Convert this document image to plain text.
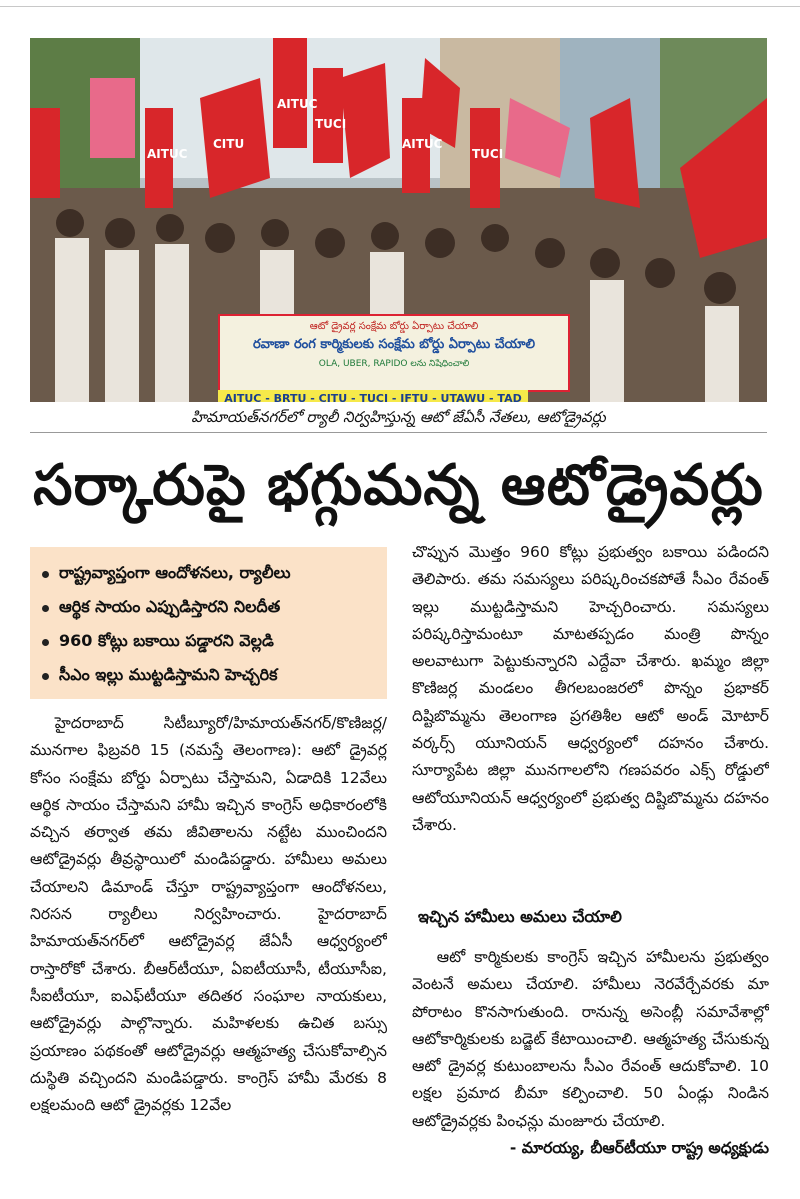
AITUC
TUCI
AITUC
CITU
TUCI
AITUC
ఆటో డ్రైవర్ల సంక్షేమ బోర్డు ఏర్పాటు చేయాలి
రవాణా రంగ కార్మికులకు సంక్షేమ బోర్డు ఏర్పాటు చేయాలి
OLA, UBER, RAPIDO లను నిషేధించాలి
AITUC - BRTU - CITU - TUCI - IFTU - UTAWU - TAD
హిమాయత్‌నగర్‌లో ర్యాలీ నిర్వహిస్తున్న ఆటో జేఏసీ నేతలు, ఆటోడ్రైవర్లు
సర్కారుపై భగ్గుమన్న ఆటోడ్రైవర్లు
రాష్ట్రవ్యాప్తంగా ఆందోళనలు, ర్యాలీలు
ఆర్థిక సాయం ఎప్పుడిస్తారని నిలదీత
960 కోట్లు బకాయి పడ్డారని వెల్లడి
సీఎం ఇల్లు ముట్టడిస్తామని హెచ్చరిక

హైదరాబాద్ సిటీబ్యూరో/హిమాయత్‌నగర్/కొణిజర్ల/మునగాల ఫిబ్రవరి 15 (నమస్తే తెలంగాణ): ఆటో డ్రైవర్ల కోసం సంక్షేమ బోర్డు ఏర్పాటు చేస్తామని, ఏడాదికి 12వేలు ఆర్థిక సాయం చేస్తామని హామీ ఇచ్చిన కాంగ్రెస్ అధికారంలోకి వచ్చిన తర్వాత తమ జీవితాలను నట్టేట ముంచిందని ఆటోడ్రైవర్లు తీవ్రస్థాయిలో మండిపడ్డారు. హామీలు అమలు చేయాలని డిమాండ్ చేస్తూ రాష్ట్రవ్యాప్తంగా ఆందోళనలు, నిరసన ర్యాలీలు నిర్వహించారు. హైదరాబాద్ హిమాయత్‌నగర్‌లో ఆటోడ్రైవర్ల జేఏసీ ఆధ్వర్యంలో రాస్తారోకో చేశారు. బీఆర్‌టీయూ, ఏఐటీయూసీ, టీయూసీఐ, సీఐటీయూ, ఐఎఫ్‌టీయూ తదితర సంఘాల నాయకులు, ఆటోడ్రైవర్లు పాల్గొన్నారు. మహిళలకు ఉచిత బస్సు ప్రయాణం పథకంతో ఆటోడ్రైవర్లు ఆత్మహత్య చేసుకోవాల్సిన దుస్థితి వచ్చిందని మండిపడ్డారు. కాంగ్రెస్ హామీ మేరకు 8 లక్షలమంది ఆటో డ్రైవర్లకు 12వేల

చొప్పున మొత్తం 960 కోట్లు ప్రభుత్వం బకాయి పడిందని తెలిపారు. తమ సమస్యలు పరిష్కరించకపోతే సీఎం రేవంత్ ఇల్లు ముట్టడిస్తామని హెచ్చరించారు. సమస్యలు పరిష్కరిస్తామంటూ మాటతప్పడం మంత్రి పొన్నం అలవాటుగా పెట్టుకున్నారని ఎద్దేవా చేశారు. ఖమ్మం జిల్లా కొణిజర్ల మండలం తీగలబంజరలో పొన్నం ప్రభాకర్ దిష్టిబొమ్మను తెలంగాణ ప్రగతిశీల ఆటో అండ్ మోటార్ వర్కర్స్ యూనియన్ ఆధ్వర్యంలో దహనం చేశారు. సూర్యాపేట జిల్లా మునగాలలోని గణపవరం ఎక్స్ రోడ్డులో ఆటోయూనియన్ ఆధ్వర్యంలో ప్రభుత్వ దిష్టిబొమ్మను దహనం చేశారు.

ఇచ్చిన హామీలు అమలు చేయాలి

ఆటో కార్మికులకు కాంగ్రెస్ ఇచ్చిన హామీలను ప్రభుత్వం వెంటనే అమలు చేయాలి. హామీలు నెరవేర్చేవరకు మా పోరాటం కొనసాగుతుంది. రానున్న అసెంబ్లీ సమావేశాల్లో ఆటోకార్మికులకు బడ్జెట్ కేటాయించాలి. ఆత్మహత్య చేసుకున్న ఆటో డ్రైవర్ల కుటుంబాలను సీఎం రేవంత్ ఆదుకోవాలి. 10 లక్షల ప్రమాద బీమా కల్పించాలి. 50 ఏండ్లు నిండిన ఆటోడ్రైవర్లకు పింఛన్లు మంజూరు చేయాలి.

- మారయ్య, బీఆర్‌టీయూ రాష్ట్ర అధ్యక్షుడు
